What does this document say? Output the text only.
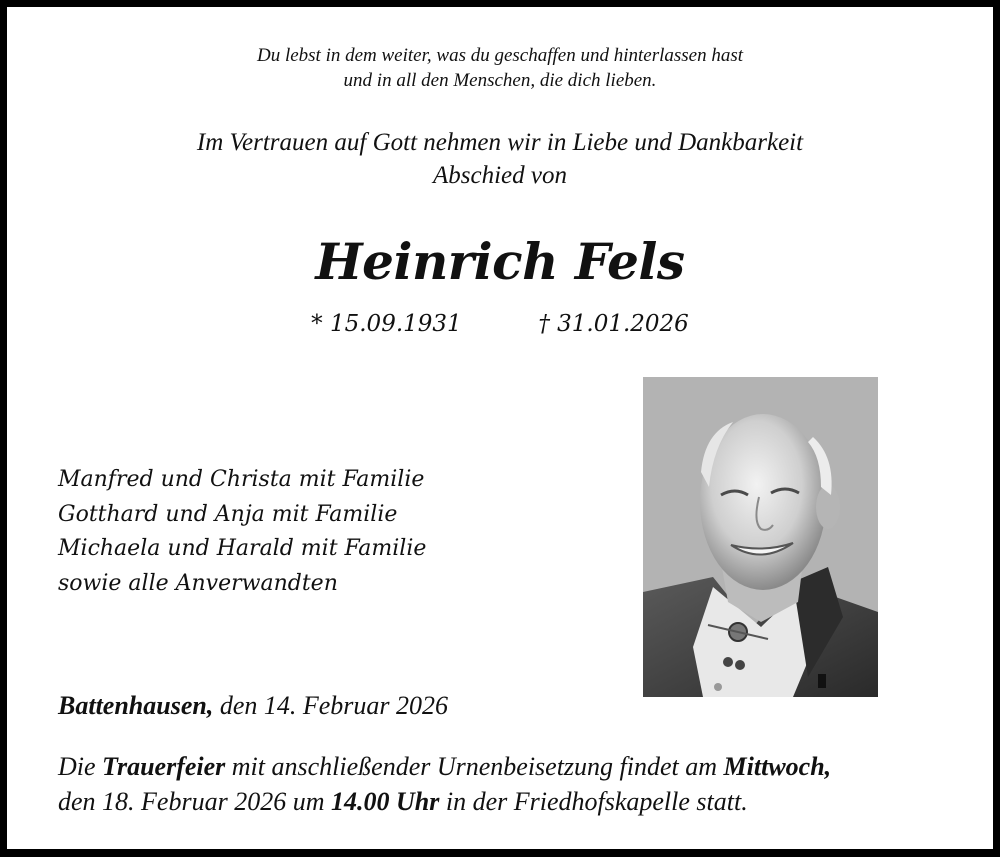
Du lebst in dem weiter, was du geschaffen und hinterlassen hast
und in all den Menschen, die dich lieben.
Im Vertrauen auf Gott nehmen wir in Liebe und Dankbarkeit
Abschied von
Heinrich Fels
* 15.09.1931	† 31.01.2026
Manfred und Christa mit Familie
Gotthard und Anja mit Familie
Michaela und Harald mit Familie
sowie alle Anverwandten
Battenhausen, den 14. Februar 2026
Die Trauerfeier mit anschließender Urnenbeisetzung findet am Mittwoch,
den 18. Februar 2026 um 14.00 Uhr in der Friedhofskapelle statt.
